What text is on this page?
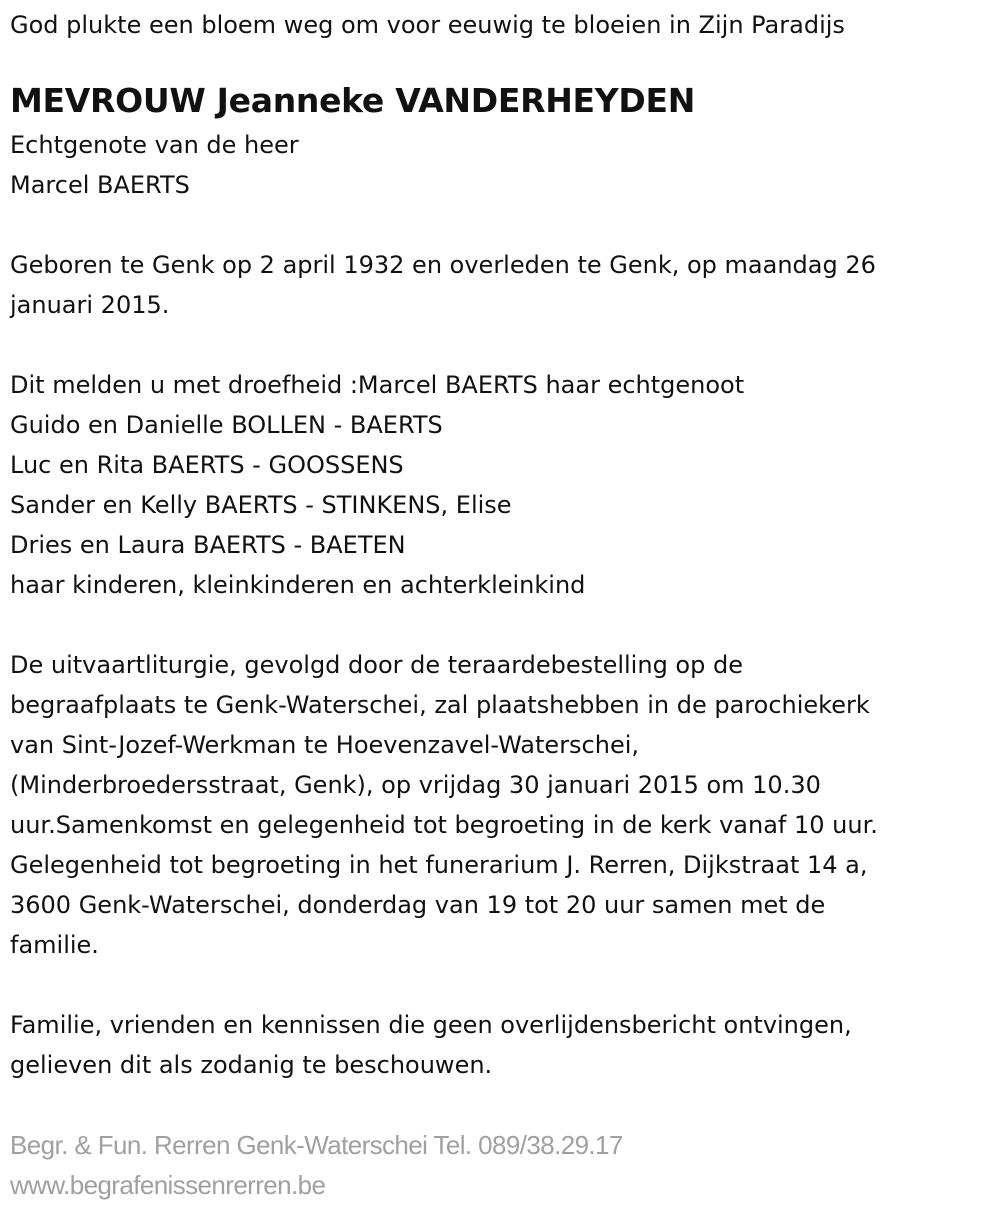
God plukte een bloem weg om voor eeuwig te bloeien in Zijn Paradijs
MEVROUW Jeanneke VANDERHEYDEN
Echtgenote van de heer
Marcel BAERTS
Geboren te Genk op 2 april 1932 en overleden te Genk, op maandag 26
januari 2015.
Dit melden u met droefheid :Marcel BAERTS haar echtgenoot
Guido en Danielle BOLLEN - BAERTS
Luc en Rita BAERTS - GOOSSENS
Sander en Kelly BAERTS - STINKENS, Elise
Dries en Laura BAERTS - BAETEN
haar kinderen, kleinkinderen en achterkleinkind
De uitvaartliturgie, gevolgd door de teraardebestelling op de
begraafplaats te Genk-Waterschei, zal plaatshebben in de parochiekerk
van Sint-Jozef-Werkman te Hoevenzavel-Waterschei,
(Minderbroedersstraat, Genk), op vrijdag 30 januari 2015 om 10.30
uur.Samenkomst en gelegenheid tot begroeting in de kerk vanaf 10 uur.
Gelegenheid tot begroeting in het funerarium J. Rerren, Dijkstraat 14 a,
3600 Genk-Waterschei, donderdag van 19 tot 20 uur samen met de
familie.
Familie, vrienden en kennissen die geen overlijdensbericht ontvingen,
gelieven dit als zodanig te beschouwen.
Begr. & Fun. Rerren Genk-Waterschei Tel. 089/38.29.17
www.begrafenissenrerren.be
